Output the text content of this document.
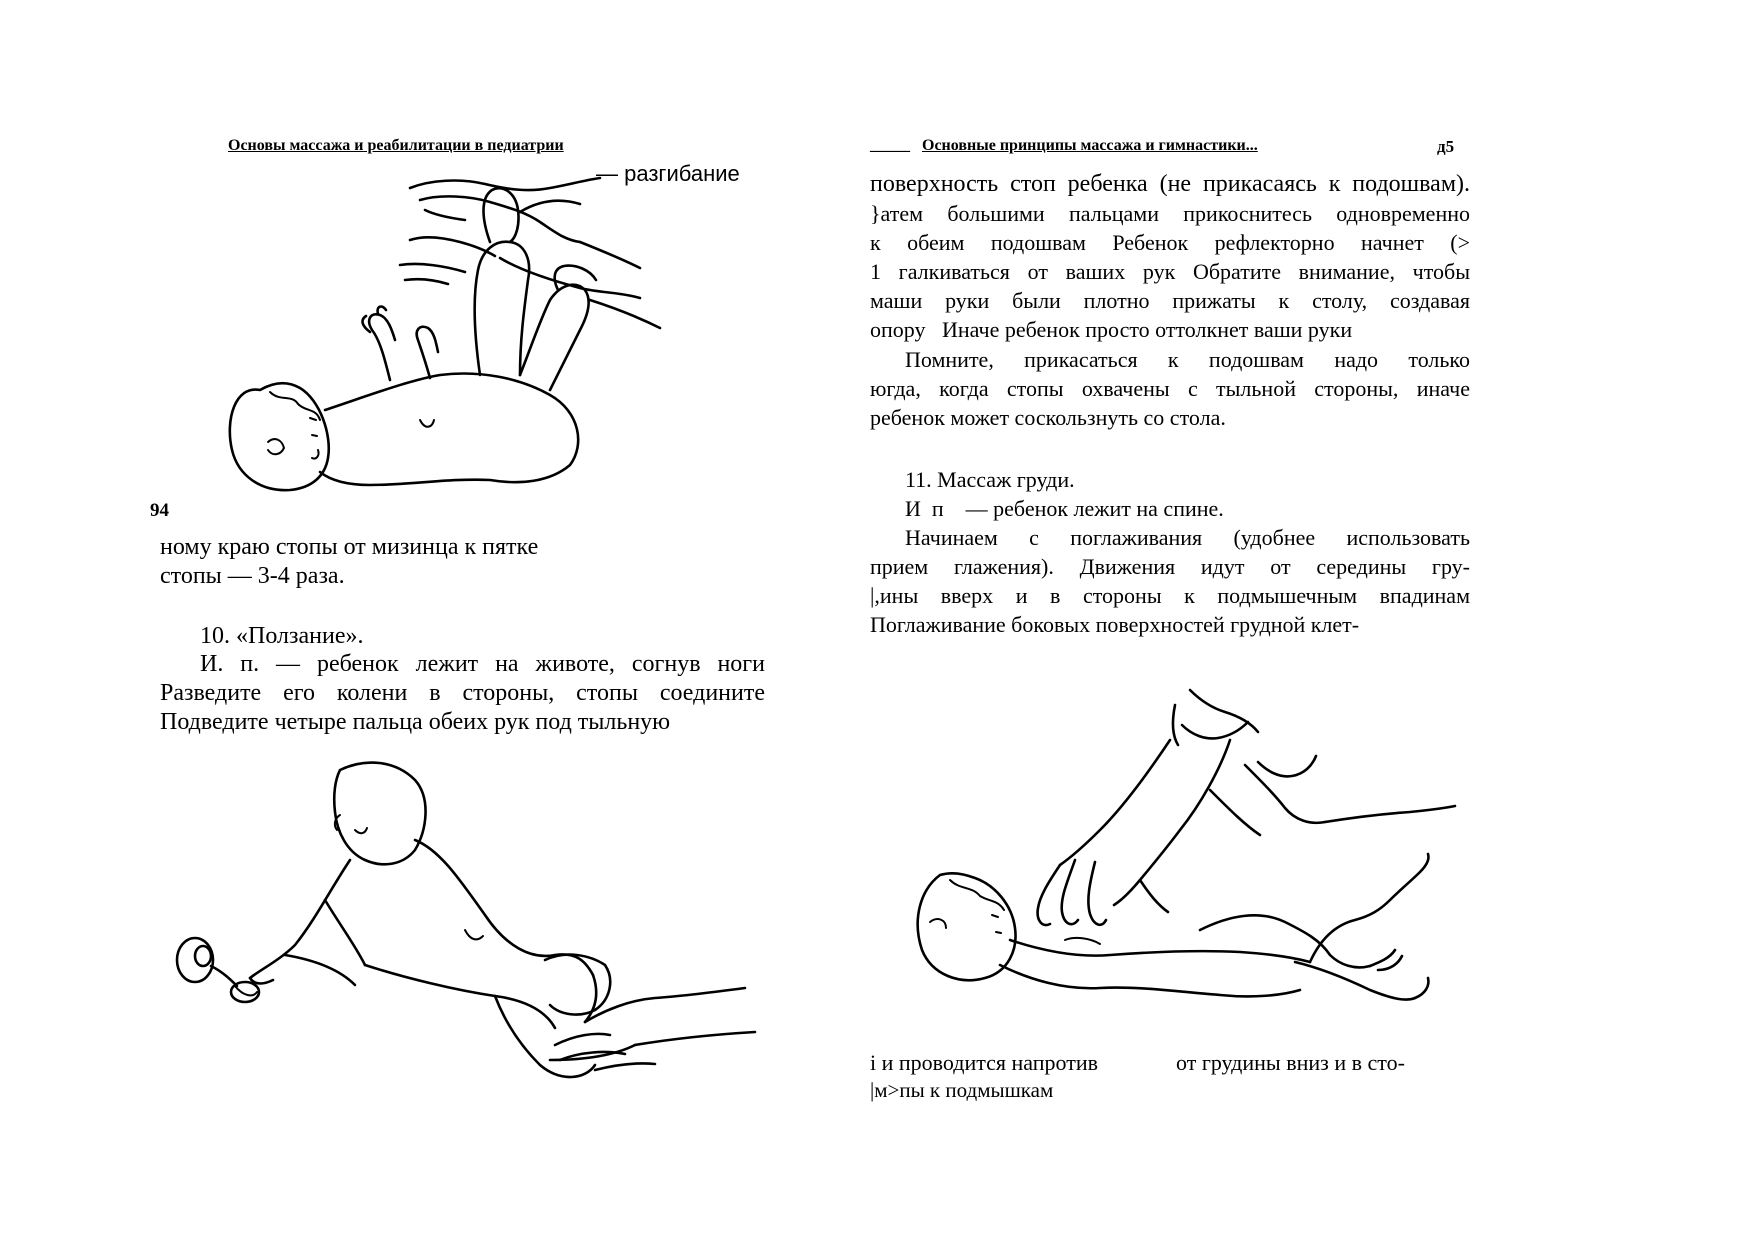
Основы массажа и реабилитации в педиатрии
— разгибание
94
ному краю стопы от мизинца к пятке
стопы — 3-4 раза.
10. «Ползание».
И. п. — ребенок лежит на животе, согнув ноги
Разведите его колени в стороны, стопы соедините
Подведите четыре пальца обеих рук под тыльную
_____ Основные принципы массажа и гимнастики...	д5
поверхность стоп ребенка (не прикасаясь к подошвам).
}атем большими пальцами прикоснитесь одновременно
к обеим подошвам Ребенок рефлекторно начнет (>
1 галкиваться от ваших рук Обратите внимание, чтобы
маши руки были плотно прижаты к столу, создавая
опору   Иначе ребенок просто оттолкнет ваши руки
Помните, прикасаться к подошвам надо только
югда, когда стопы охвачены с тыльной стороны, иначе
ребенок может соскользнуть со стола.
11. Массаж груди.
И  п    — ребенок лежит на спине.
Начинаем с поглаживания (удобнее использовать
прием глажения). Движения идут от середины гру-
|,ины вверх и в стороны к подмышечным впадинам
Поглаживание боковых поверхностей грудной клет-
i и проводится напротив	от грудины вниз и в сто-
|м>пы к подмышкам
